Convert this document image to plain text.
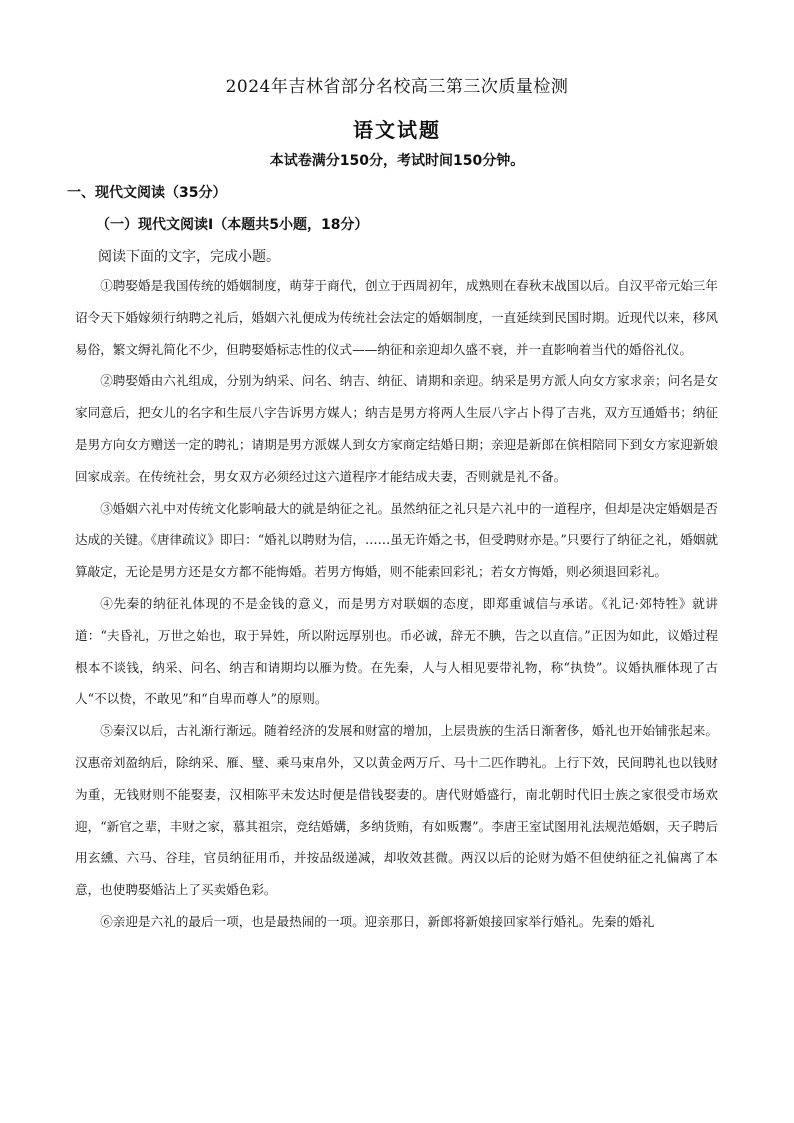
2024年吉林省部分名校高三第三次质量检测
语文试题
本试卷满分150分，考试时间150分钟。
一、现代文阅读（35分）
（一）现代文阅读Ⅰ（本题共5小题，18分）
阅读下面的文字，完成小题。

①聘娶婚是我国传统的婚姻制度，萌芽于商代，创立于西周初年，成熟则在春秋末战国以后。自汉平帝元始三年诏令天下婚嫁须行纳聘之礼后，婚姻六礼便成为传统社会法定的婚姻制度，一直延续到民国时期。近现代以来，移风易俗，繁文缛礼简化不少，但聘娶婚标志性的仪式——纳征和亲迎却久盛不衰，并一直影响着当代的婚俗礼仪。

②聘娶婚由六礼组成，分别为纳采、问名、纳吉、纳征、请期和亲迎。纳采是男方派人向女方家求亲；问名是女家同意后，把女儿的名字和生辰八字告诉男方媒人；纳吉是男方将两人生辰八字占卜得了吉兆，双方互通婚书；纳征是男方向女方赠送一定的聘礼；请期是男方派媒人到女方家商定结婚日期；亲迎是新郎在傧相陪同下到女方家迎新娘回家成亲。在传统社会，男女双方必须经过这六道程序才能结成夫妻，否则就是礼不备。

③婚姻六礼中对传统文化影响最大的就是纳征之礼。虽然纳征之礼只是六礼中的一道程序，但却是决定婚姻是否达成的关键。《唐律疏议》即曰：“婚礼以聘财为信，……虽无许婚之书，但受聘财亦是。”只要行了纳征之礼，婚姻就算敲定，无论是男方还是女方都不能悔婚。若男方悔婚，则不能索回彩礼；若女方悔婚，则必须退回彩礼。

④先秦的纳征礼体现的不是金钱的意义，而是男方对联姻的态度，即郑重诚信与承诺。《礼记·郊特牲》就讲道：“夫昏礼，万世之始也，取于异姓，所以附远厚别也。币必诚，辞无不腆，告之以直信。”正因为如此，议婚过程根本不谈钱，纳采、问名、纳吉和请期均以雁为贽。在先秦，人与人相见要带礼物，称“执贽”。议婚执雁体现了古人“不以贽，不敢见”和“自卑而尊人”的原则。

⑤秦汉以后，古礼渐行渐远。随着经济的发展和财富的增加，上层贵族的生活日渐奢侈，婚礼也开始铺张起来。汉惠帝刘盈纳后，除纳采、雁、璧、乘马束帛外，又以黄金两万斤、马十二匹作聘礼。上行下效，民间聘礼也以钱财为重，无钱财则不能娶妻，汉相陈平未发达时便是借钱娶妻的。唐代财婚盛行，南北朝时代旧士族之家很受市场欢迎，“新官之辈，丰财之家，慕其祖宗，竞结婚媾，多纳货贿，有如贩鬻”。李唐王室试图用礼法规范婚姻，天子聘后用玄纁、六马、谷珪，官员纳征用币，并按品级递减，却收效甚微。两汉以后的论财为婚不但使纳征之礼偏离了本意，也使聘娶婚沾上了买卖婚色彩。

⑥亲迎是六礼的最后一项，也是最热闹的一项。迎亲那日，新郎将新娘接回家举行婚礼。先秦的婚礼
